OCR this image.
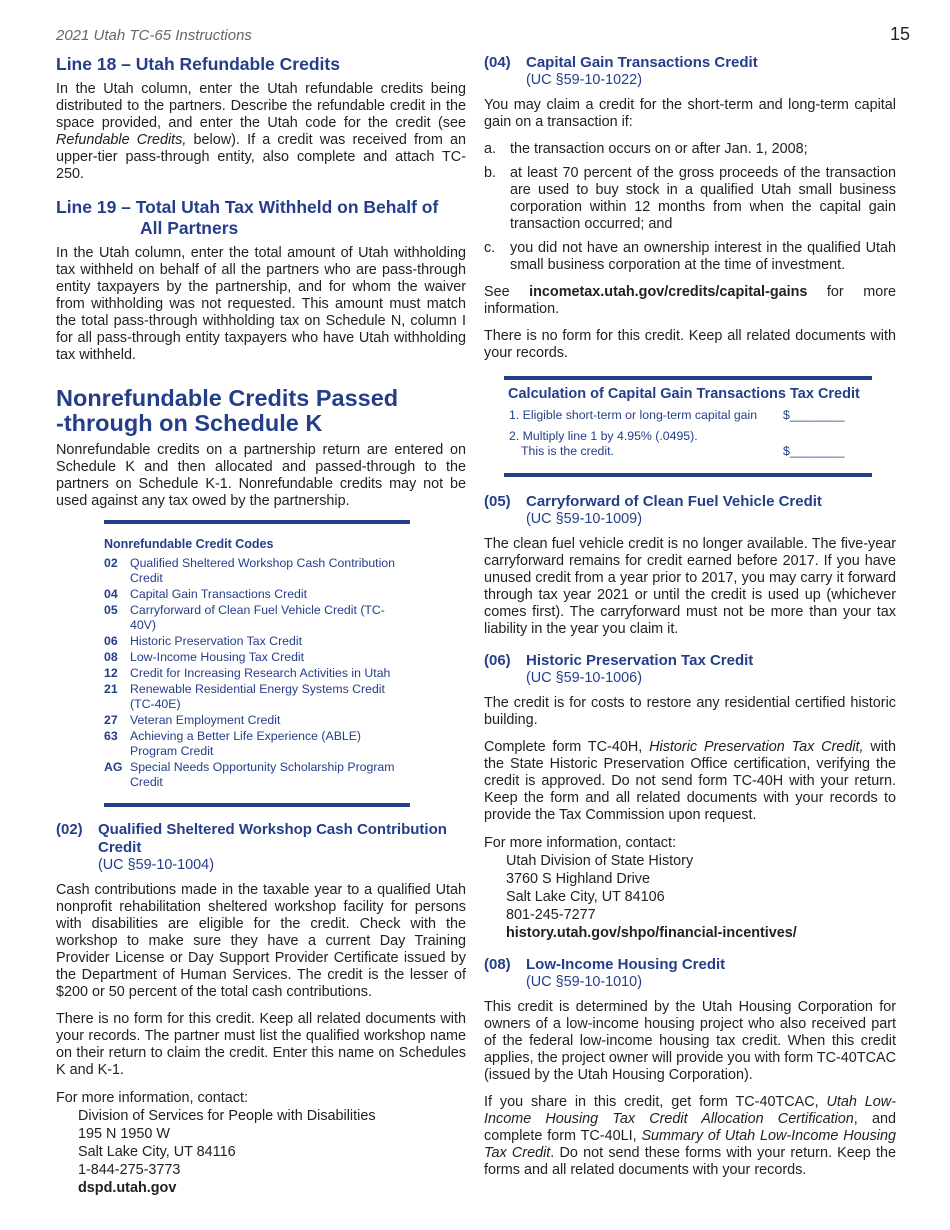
2021 Utah TC-65 Instructions	15
Line 18 – Utah Refundable Credits

In the Utah column, enter the Utah refundable credits being distributed to the partners. Describe the refundable credit in the space provided, and enter the Utah code for the credit (see Refundable Credits, below). If a credit was received from an upper-tier pass-through entity, also complete and attach TC-250.

Line 19 – Total Utah Tax Withheld on Behalf of
All Partners

In the Utah column, enter the total amount of Utah withholding tax withheld on behalf of all the partners who are pass-through entity taxpayers by the partnership, and for whom the waiver from withholding was not requested. This amount must match the total pass-through withholding tax on Schedule N, column I for all pass-through entity taxpayers who have Utah withholding tax withheld.

Nonrefundable Credits Passed
-through on Schedule K

Nonrefundable credits on a partnership return are entered on Schedule K and then allocated and passed-through to the partners on Schedule K-1. Nonrefundable credits may not be used against any tax owed by the partnership.

Nonrefundable Credit Codes
02	Qualified Sheltered Workshop Cash Contribution Credit
04	Capital Gain Transactions Credit
05	Carryforward of Clean Fuel Vehicle Credit (TC-40V)
06	Historic Preservation Tax Credit
08	Low-Income Housing Tax Credit
12	Credit for Increasing Research Activities in Utah
21	Renewable Residential Energy Systems Credit (TC-40E)
27	Veteran Employment Credit
63	Achieving a Better Life Experience (ABLE) Program Credit
AG Special Needs Opportunity Scholarship Program Credit
(02)	Qualified Sheltered Workshop Cash Contribution Credit
(UC §59-10-1004)

Cash contributions made in the taxable year to a qualified Utah nonprofit rehabilitation sheltered workshop facility for persons with disabilities are eligible for the credit. Check with the workshop to make sure they have a current Day Training Provider License or Day Support Provider Certificate issued by the Department of Human Services. The credit is the lesser of $200 or 50 percent of the total cash contributions.

There is no form for this credit. Keep all related documents with your records. The partner must list the qualified workshop name on their return to claim the credit. Enter this name on Schedules K and K-1.

For more information, contact:
Division of Services for People with Disabilities
195 N 1950 W
Salt Lake City, UT 84116
1-844-275-3773
dspd.utah.gov
(04)	Capital Gain Transactions Credit
(UC §59-10-1022)

You may claim a credit for the short-term and long-term capital gain on a transaction if:

a. the transaction occurs on or after Jan. 1, 2008;
b. at least 70 percent of the gross proceeds of the transaction are used to buy stock in a qualified Utah small business corporation within 12 months from when the capital gain transaction occurred; and
c.	you did not have an ownership interest in the qualified Utah small business corporation at the time of investment.

See incometax.utah.gov/credits/capital-gains for more information.

There is no form for this credit. Keep all related documents with your records.

Calculation of Capital Gain Transactions Tax Credit
1. Eligible short-term or long-term capital gain	$________
2. Multiply line 1 by 4.95% (.0495).
This is the credit.	$________
(05)	Carryforward of Clean Fuel Vehicle Credit
(UC §59-10-1009)

The clean fuel vehicle credit is no longer available. The five-year carryforward remains for credit earned before 2017. If you have unused credit from a year prior to 2017, you may carry it forward through tax year 2021 or until the credit is used up (whichever comes first). The carryforward must not be more than your tax liability in the year you claim it.

(06)	Historic Preservation Tax Credit
(UC §59-10-1006)

The credit is for costs to restore any residential certified historic building.

Complete form TC-40H, Historic Preservation Tax Credit, with the State Historic Preservation Office certification, verifying the credit is approved. Do not send form TC-40H with your return. Keep the form and all related documents with your records to provide the Tax Commission upon request.

For more information, contact:
Utah Division of State History
3760 S Highland Drive
Salt Lake City, UT 84106
801-245-7277
history.utah.gov/shpo/financial-incentives/
(08)	Low-Income Housing Credit
(UC §59-10-1010)

This credit is determined by the Utah Housing Corporation for owners of a low-income housing project who also received part of the federal low-income housing tax credit. When this credit applies, the project owner will provide you with form TC-40TCAC (issued by the Utah Housing Corporation).

If you share in this credit, get form TC-40TCAC, Utah Low-Income Housing Tax Credit Allocation Certification, and complete form TC-40LI, Summary of Utah Low-Income Housing Tax Credit. Do not send these forms with your return. Keep the forms and all related documents with your records.
